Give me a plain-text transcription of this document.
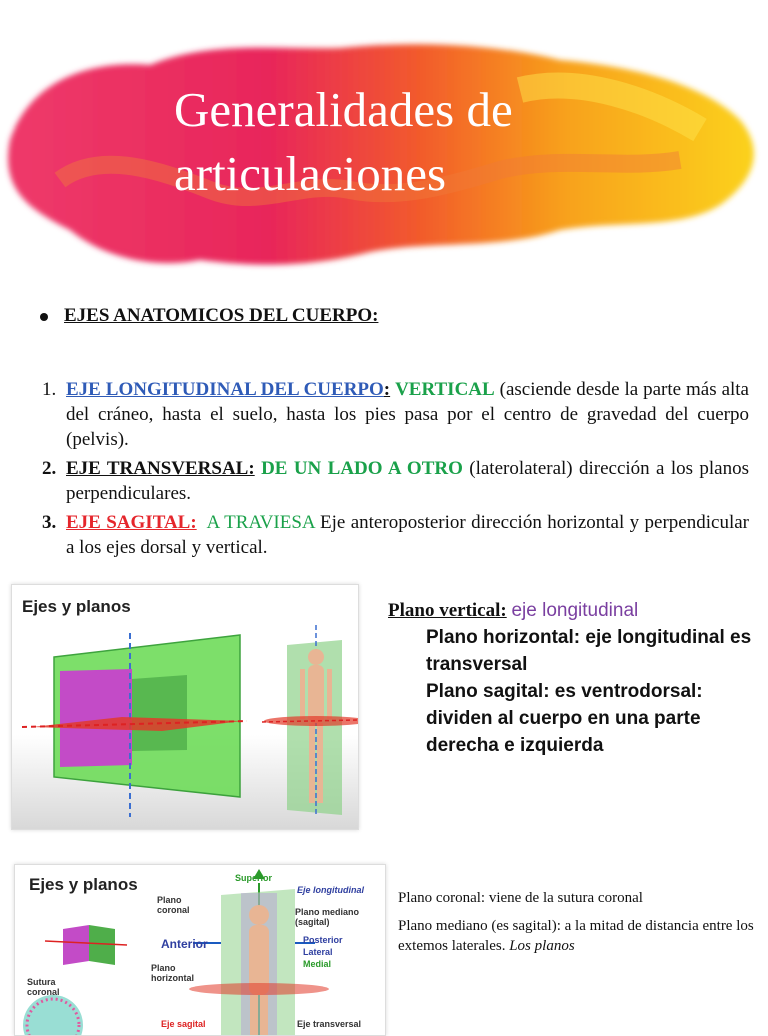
Generalidades de
articulaciones
EJES ANATOMICOS DEL CUERPO:
1. EJE LONGITUDINAL DEL CUERPO: VERTICAL (asciende desde la parte más alta del cráneo, hasta el suelo, hasta los pies pasa por el centro de gravedad del cuerpo (pelvis).
2. EJE TRANSVERSAL: DE UN LADO A OTRO (laterolateral) dirección a los planos perpendiculares.
3. EJE SAGITAL: A TRAVIESA Eje anteroposterior dirección horizontal y perpendicular a los ejes dorsal y vertical.
Ejes y planos	Plano vertical: eje longitudinal
Plano horizontal: eje longitudinal es transversal
Plano sagital: es ventrodorsal: dividen al cuerpo en una parte derecha e izquierda
Ejes y planos	Superior
Eje longitudinal
Plano coronal	Plano mediano (sagital)
Anterior	Posterior
Lateral
Medial
Plano horizontal
Sutura coronal
Eje sagital	Eje transversal

Plano coronal: viene de la sutura coronal

Plano mediano (es sagital): a la mitad de distancia entre los extemos laterales. Los planos
